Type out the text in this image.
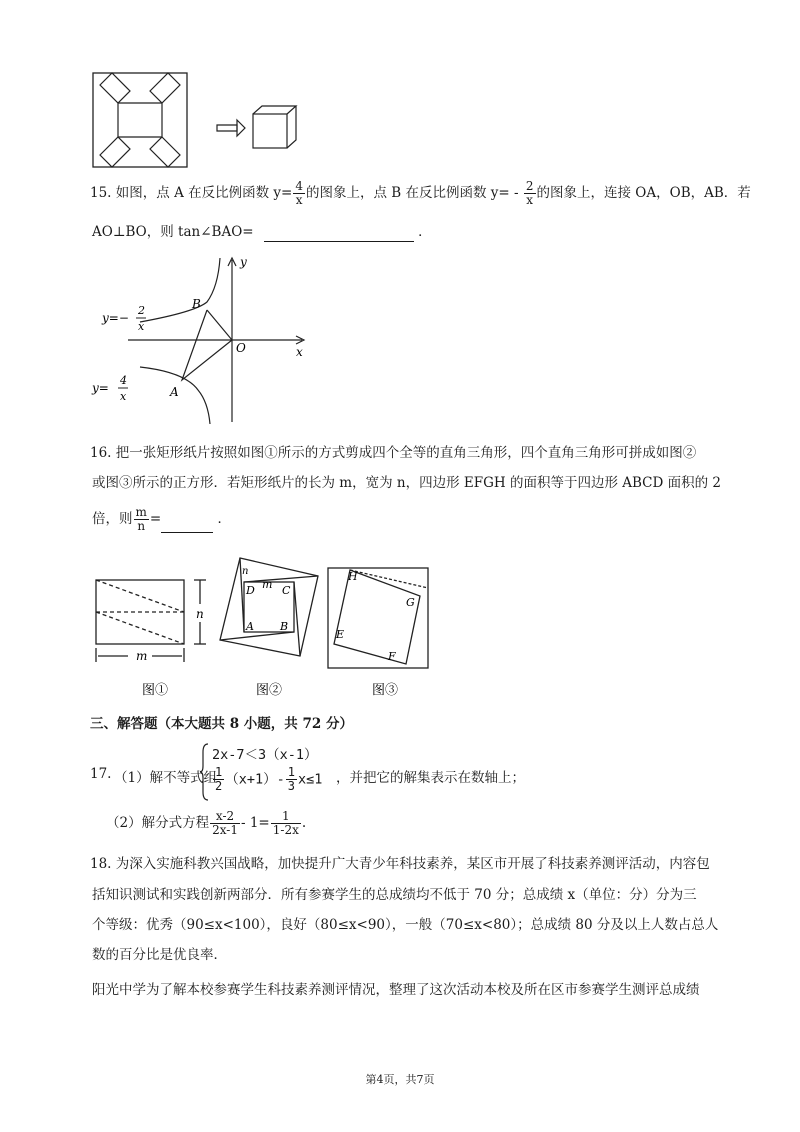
15. 如图，点 A 在反比例函数 $y= \frac{4}{x}$ 的图象上，点 B 在反比例函数 $y= - \frac{2}{x}$ 的图象上，连接 OA，OB，AB．若
AO⊥BO，则 tan∠BAO=	．
y
x
O
B
A
y=−
2
x
y=
4
x
16. 把一张矩形纸片按照如图①所示的方式剪成四个全等的直角三角形，四个直角三角形可拼成如图②
或图③所示的正方形．若矩形纸片的长为 m，宽为 n，四边形 EFGH 的面积等于四边形 ABCD 面积的 2
倍，则 $\frac{m}{n}$ =	．
m
n
图①
D m C
n
A B
图②
H
G
E
F
图③
三、解答题（本大题共 8 小题，共 72 分）
17. （1）解不等式组
2x-7＜3（x-1）
$\frac{1}{2} (x+1)- \frac{1}{3} x\le 1$ ，并把它的解集表示在数轴上；
（2）解分式方程 $\frac{x-2}{2x-1} - 1= \frac{1}{1-2x}$ .
18. 为深入实施科教兴国战略，加快提升广大青少年科技素养，某区市开展了科技素养测评活动，内容包
括知识测试和实践创新两部分．所有参赛学生的总成绩均不低于 70 分；总成绩 x（单位：分）分为三
个等级：优秀（90≤x<100），良好（80≤x<90），一般（70≤x<80）；总成绩 80 分及以上人数占总人
数的百分比是优良率．
阳光中学为了解本校参赛学生科技素养测评情况，整理了这次活动本校及所在区市参赛学生测评总成绩
第4页，共7页
